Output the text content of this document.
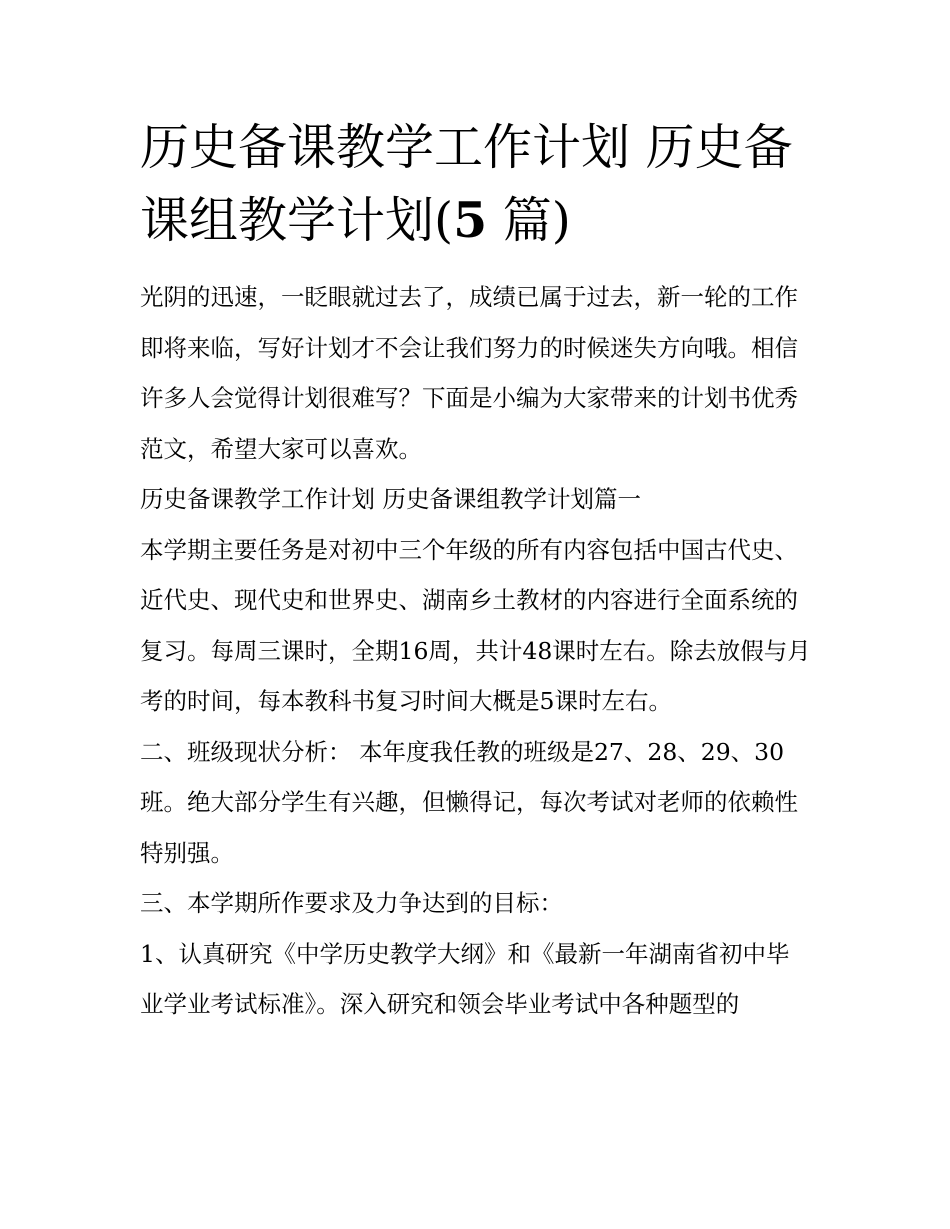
历史备课教学工作计划 历史备课组教学计划(5 篇)

光阴的迅速，一眨眼就过去了，成绩已属于过去，新一轮的工作即将来临，写好计划才不会让我们努力的时候迷失方向哦。相信许多人会觉得计划很难写？下面是小编为大家带来的计划书优秀范文，希望大家可以喜欢。

历史备课教学工作计划 历史备课组教学计划篇一

本学期主要任务是对初中三个年级的所有内容包括中国古代史、近代史、现代史和世界史、湖南乡土教材的内容进行全面系统的复习。每周三课时，全期16周，共计48课时左右。除去放假与月考的时间，每本教科书复习时间大概是5课时左右。

二、班级现状分析： 本年度我任教的班级是27、28、29、30班。绝大部分学生有兴趣，但懒得记，每次考试对老师的依赖性特别强。

三、本学期所作要求及力争达到的目标：

1、认真研究《中学历史教学大纲》和《最新一年湖南省初中毕业学业考试标准》。深入研究和领会毕业考试中各种题型的
